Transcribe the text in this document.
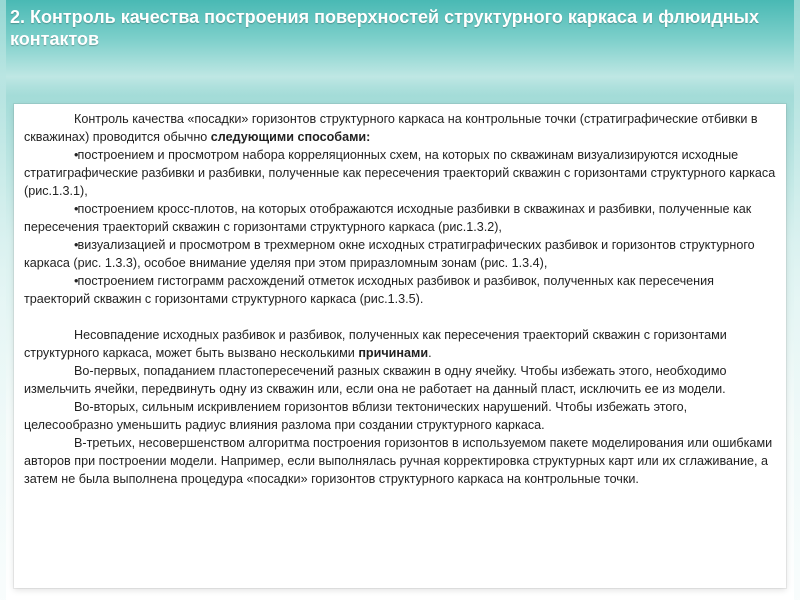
2. Контроль качества построения поверхностей структурного каркаса и флюидных контактов

Контроль качества «посадки» горизонтов структурного каркаса на контрольные точки (стратиграфические отбивки в скважинах) проводится обычно следующими способами:

• построением и просмотром набора корреляционных схем, на которых по скважинам визуализируются исходные стратиграфические разбивки и разбивки, полученные как пересечения траекторий скважин с горизонтами структурного каркаса (рис.1.3.1),

• построением кросс-плотов, на которых отображаются исходные разбивки в скважинах и разбивки, полученные как пересечения траекторий скважин с горизонтами структурного каркаса (рис.1.3.2),

• визуализацией и просмотром в трехмерном окне исходных стратиграфических разбивок и горизонтов структурного каркаса (рис. 1.3.3), особое внимание уделяя при этом приразломным зонам (рис. 1.3.4),

• построением гистограмм расхождений отметок исходных разбивок и разбивок, полученных как пересечения траекторий скважин с горизонтами структурного каркаса (рис.1.3.5).

Несовпадение исходных разбивок и разбивок, полученных как пересечения траекторий скважин с горизонтами структурного каркаса, может быть вызвано несколькими причинами.

Во-первых, попаданием пластопересечений разных скважин в одну ячейку. Чтобы избежать этого, необходимо измельчить ячейки, передвинуть одну из скважин или, если она не работает на данный пласт, исключить ее из модели.

Во-вторых, сильным искривлением горизонтов вблизи тектонических нарушений. Чтобы избежать этого, целесообразно уменьшить радиус влияния разлома при создании структурного каркаса.

В-третьих, несовершенством алгоритма построения горизонтов в используемом пакете моделирования или ошибками авторов при построении модели. Например, если выполнялась ручная корректировка структурных карт или их сглаживание, а затем не была выполнена процедура «посадки» горизонтов структурного каркаса на контрольные точки.
